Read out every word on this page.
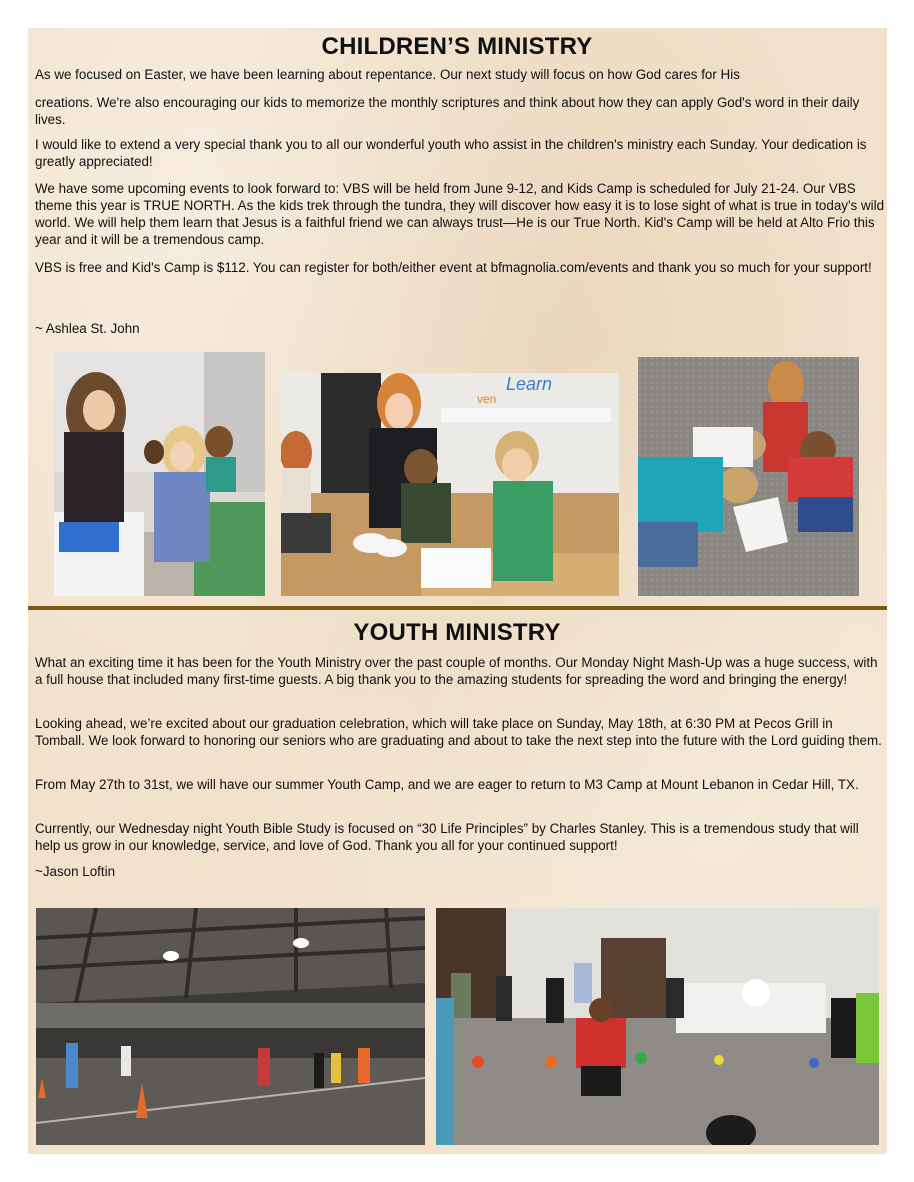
CHILDREN’S MINISTRY
As we focused on Easter, we have been learning about repentance. Our next study will focus on how God cares for His
creations. We're also encouraging our kids to memorize the monthly scriptures and think about how they can apply God's word in their daily lives.
I would like to extend a very special thank you to all our wonderful youth who assist in the children's ministry each Sunday. Your dedication is greatly appreciated!
We have some upcoming events to look forward to: VBS will be held from June 9-12, and Kids Camp is scheduled for July 21-24. Our VBS theme this year is TRUE NORTH. As the kids trek through the tundra, they will discover how easy it is to lose sight of what is true in today's wild world. We will help them learn that Jesus is a faithful friend we can always trust—He is our True North. Kid's Camp will be held at Alto Frio this year and it will be a tremendous camp.
VBS is free and Kid's Camp is $112. You can register for both/either event at bfmagnolia.com/events and thank you so much for your support!
~ Ashlea St. John
Learn
ven
YOUTH MINISTRY
What an exciting time it has been for the Youth Ministry over the past couple of months. Our Monday Night Mash-Up was a huge success, with a full house that included many first-time guests. A big thank you to the amazing students for spreading the word and bringing the energy!
Looking ahead, we’re excited about our graduation celebration, which will take place on Sunday, May 18th, at 6:30 PM at Pecos Grill in Tomball. We look forward to honoring our seniors who are graduating and about to take the next step into the future with the Lord guiding them.
From May 27th to 31st, we will have our summer Youth Camp, and we are eager to return to M3 Camp at Mount Lebanon in Cedar Hill, TX.
Currently, our Wednesday night Youth Bible Study is focused on “30 Life Principles” by Charles Stanley. This is a tremendous study that will help us grow in our knowledge, service, and love of God. Thank you all for your continued support!
~Jason Loftin
